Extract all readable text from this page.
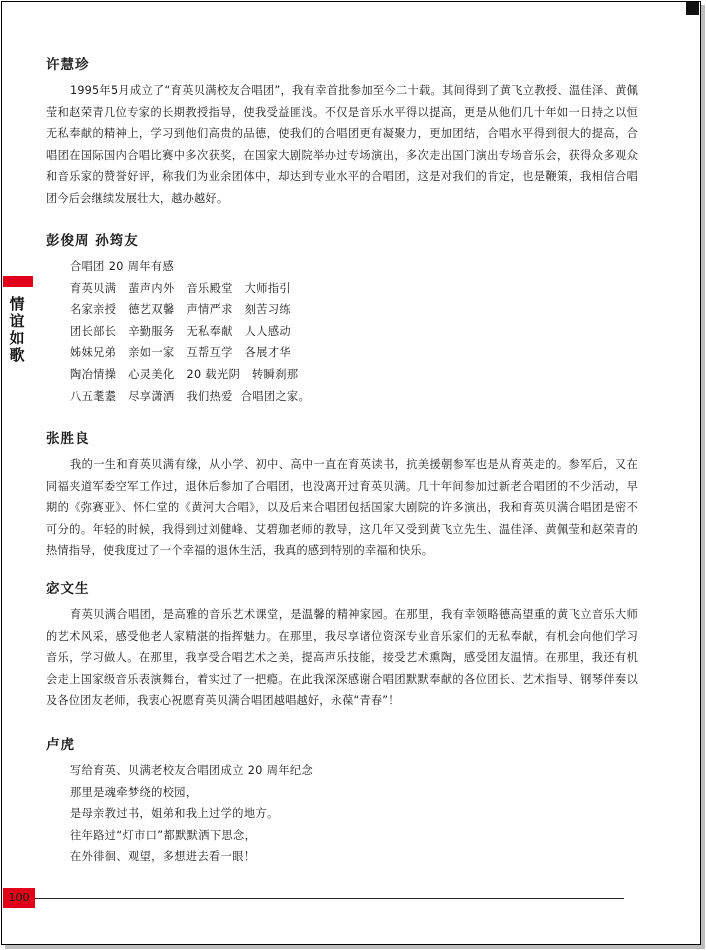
情
谊
如
歌

许慧珍

1995年5月成立了“育英贝满校友合唱团”，我有幸首批参加至今二十载。其间得到了黄飞立教授、温佳泽、黄佩莹和赵荣青几位专家的长期教授指导，使我受益匪浅。不仅是音乐水平得以提高，更是从他们几十年如一日持之以恒无私奉献的精神上，学习到他们高贵的品德，使我们的合唱团更有凝聚力，更加团结，合唱水平得到很大的提高，合唱团在国际国内合唱比赛中多次获奖，在国家大剧院举办过专场演出，多次走出国门演出专场音乐会，获得众多观众和音乐家的赞誉好评，称我们为业余团体中，却达到专业水平的合唱团，这是对我们的肯定，也是鞭策，我相信合唱团今后会继续发展壮大，越办越好。

彭俊周 孙筠友

合唱团 20 周年有感
育英贝满   蜚声内外   音乐殿堂   大师指引
名家亲授   德艺双馨   声情严求   刻苦习练
团长部长   辛勤服务   无私奉献   人人感动
姊妹兄弟   亲如一家   互帮互学   各展才华
陶冶情操   心灵美化   20 载光阴   转瞬刹那
八五耄耋   尽享潇洒   我们热爱  合唱团之家。

张胜良

我的一生和育英贝满有缘，从小学、初中、高中一直在育英读书，抗美援朝参军也是从育英走的。参军后，又在同福夹道军委空军工作过，退休后参加了合唱团，也没离开过育英贝满。几十年间参加过新老合唱团的不少活动，早期的《弥赛亚》、怀仁堂的《黄河大合唱》，以及后来合唱团包括国家大剧院的许多演出，我和育英贝满合唱团是密不可分的。年轻的时候，我得到过刘健峰、艾碧珈老师的教导，这几年又受到黄飞立先生、温佳泽、黄佩莹和赵荣青的热情指导，使我度过了一个幸福的退休生活，我真的感到特别的幸福和快乐。

宓文生

育英贝满合唱团，是高雅的音乐艺术课堂，是温馨的精神家园。在那里，我有幸领略德高望重的黄飞立音乐大师的艺术风采，感受他老人家精湛的指挥魅力。在那里，我尽享诸位资深专业音乐家们的无私奉献，有机会向他们学习音乐，学习做人。在那里，我享受合唱艺术之美，提高声乐技能，接受艺术熏陶，感受团友温情。在那里，我还有机会走上国家级音乐表演舞台，着实过了一把瘾。在此我深深感谢合唱团默默奉献的各位团长、艺术指导、钢琴伴奏以及各位团友老师，我衷心祝愿育英贝满合唱团越唱越好，永葆“青春”！

卢虎

写给育英、贝满老校友合唱团成立 20 周年纪念
那里是魂牵梦绕的校园，
是母亲教过书，姐弟和我上过学的地方。
往年路过“灯市口”都默默洒下思念，
在外徘徊、观望，多想进去看一眼！
100
